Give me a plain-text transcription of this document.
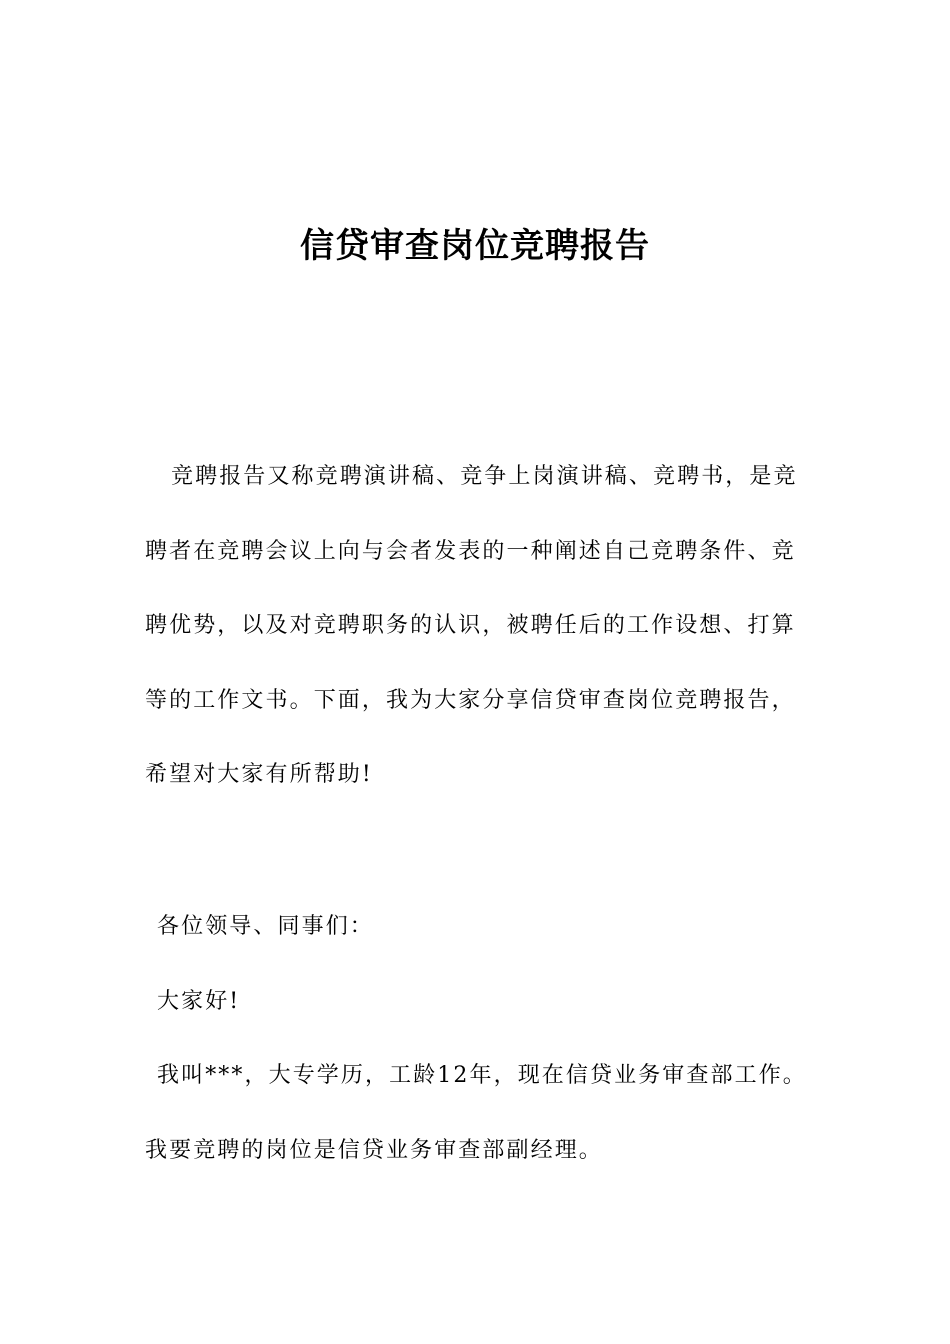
信贷审查岗位竞聘报告
竞聘报告又称竞聘演讲稿、竞争上岗演讲稿、竞聘书，是竞
聘者在竞聘会议上向与会者发表的一种阐述自己竞聘条件、竞
聘优势，以及对竞聘职务的认识，被聘任后的工作设想、打算
等的工作文书。下面，我为大家分享信贷审查岗位竞聘报告，
希望对大家有所帮助!
各位领导、同事们：
大家好!
我叫***，大专学历，工龄12年，现在信贷业务审查部工作。
我要竞聘的岗位是信贷业务审查部副经理。
